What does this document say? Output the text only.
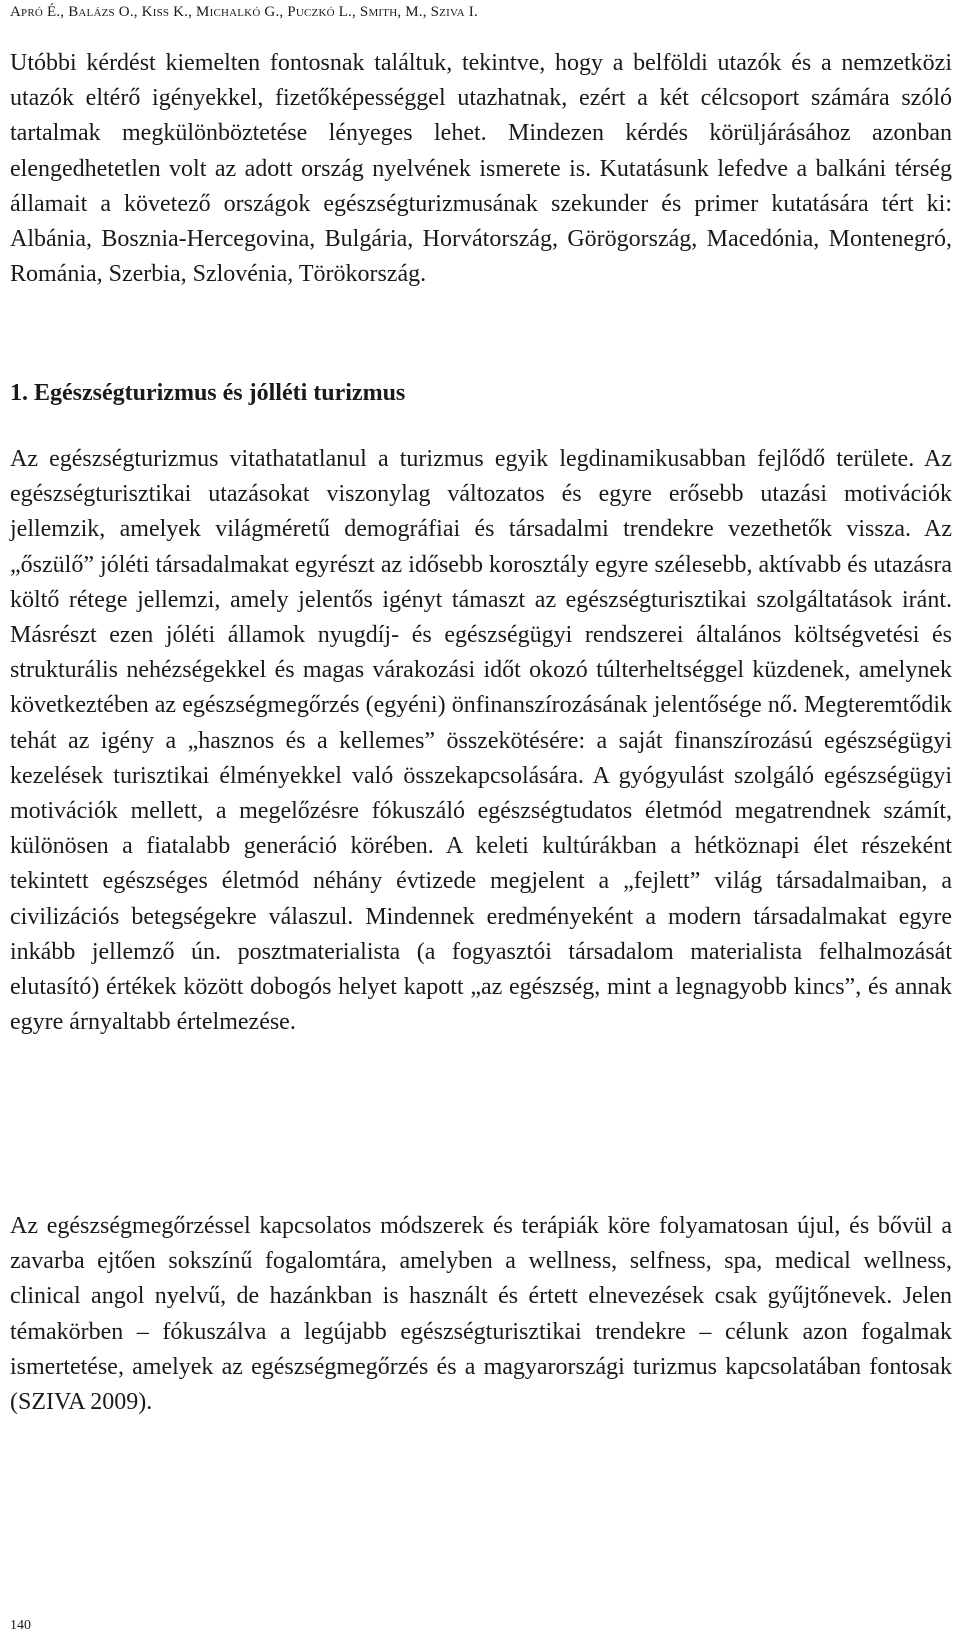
Apró É., Balázs O., Kiss K., Michalkó G., Puczkó L., Smith, M., Sziva I.

Utóbbi kérdést kiemelten fontosnak találtuk, tekintve, hogy a belföldi utazók és a nemzetközi utazók eltérő igényekkel, fizetőképességgel utazhatnak, ezért a két célcsoport számára szóló tartalmak megkülönböztetése lényeges lehet. Mindezen kérdés körüljárásához azonban elengedhetetlen volt az adott ország nyelvének ismerete is. Kutatásunk lefedve a balkáni térség államait a követező országok egészségturizmusának szekunder és primer kutatására tért ki: Albánia, Bosznia-Hercegovina, Bulgária, Horvátország, Görögország, Macedónia, Montenegró, Románia, Szerbia, Szlovénia, Törökország.

1. Egészségturizmus és jólléti turizmus

Az egészségturizmus vitathatatlanul a turizmus egyik legdinamikusabban fejlődő területe. Az egészségturisztikai utazásokat viszonylag változatos és egyre erősebb utazási motivációk jellemzik, amelyek világméretű demográfiai és társadalmi trendekre vezethetők vissza. Az „őszülő” jóléti társadalmakat egyrészt az idősebb korosztály egyre szélesebb, aktívabb és utazásra költő rétege jellemzi, amely jelentős igényt támaszt az egészségturisztikai szolgáltatások iránt. Másrészt ezen jóléti államok nyugdíj- és egészségügyi rendszerei általános költségvetési és strukturális nehézségekkel és magas várakozási időt okozó túlterheltséggel küzdenek, amelynek következtében az egészségmegőrzés (egyéni) önfinanszírozásának jelentősége nő. Megteremtődik tehát az igény a „hasznos és a kellemes” összekötésére: a saját finanszírozású egészségügyi kezelések turisztikai élményekkel való összekapcsolására. A gyógyulást szolgáló egészségügyi motivációk mellett, a megelőzésre fókuszáló egészségtudatos életmód megatrendnek számít, különösen a fiatalabb generáció körében. A keleti kultúrákban a hétköznapi élet részeként tekintett egészséges életmód néhány évtizede megjelent a „fejlett” világ társadalmaiban, a civilizációs betegségekre válaszul. Mindennek eredményeként a modern társadalmakat egyre inkább jellemző ún. posztmaterialista (a fogyasztói társadalom materialista felhalmozását elutasító) értékek között dobogós helyet kapott „az egészség, mint a legnagyobb kincs”, és annak egyre árnyaltabb értelmezése.

Az egészségmegőrzéssel kapcsolatos módszerek és terápiák köre folyamatosan újul, és bővül a zavarba ejtően sokszínű fogalomtára, amelyben a wellness, selfness, spa, medical wellness, clinical angol nyelvű, de hazánkban is használt és értett elnevezések csak gyűjtőnevek. Jelen témakörben – fókuszálva a legújabb egészségturisztikai trendekre – célunk azon fogalmak ismertetése, amelyek az egészségmegőrzés és a magyarországi turizmus kapcsolatában fontosak (SZIVA 2009).

140
